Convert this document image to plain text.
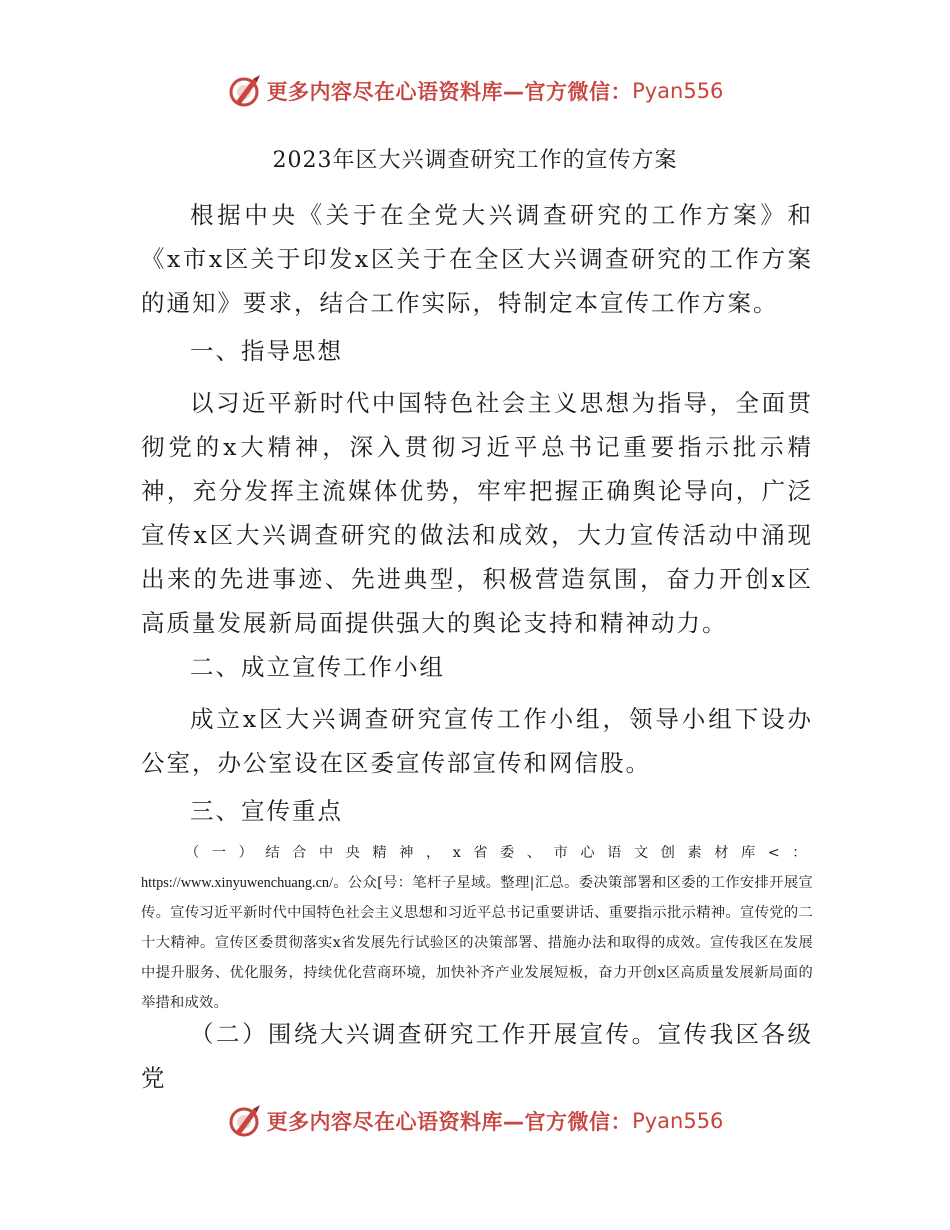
更多内容尽在心语资料库—官方微信： Pyan556
2023年区大兴调查研究工作的宣传方案
根据中央《关于在全党大兴调查研究的工作方案》和《x市x区关于印发x区关于在全区大兴调查研究的工作方案的通知》要求，结合工作实际，特制定本宣传工作方案。
一、指导思想
以习近平新时代中国特色社会主义思想为指导，全面贯彻党的x大精神，深入贯彻习近平总书记重要指示批示精神，充分发挥主流媒体优势，牢牢把握正确舆论导向，广泛宣传x区大兴调查研究的做法和成效，大力宣传活动中涌现出来的先进事迹、先进典型，积极营造氛围，奋力开创x区高质量发展新局面提供强大的舆论支持和精神动力。
二、成立宣传工作小组
成立x区大兴调查研究宣传工作小组，领导小组下设办公室，办公室设在区委宣传部宣传和网信股。
三、宣传重点
（一）结合中央精神，x省委、市心语文创素材库<：https://www.xinyuwenchuang.cn/。公众[号：笔杆子星域。整理|汇总。委决策部署和区委的工作安排开展宣传。宣传习近平新时代中国特色社会主义思想和习近平总书记重要讲话、重要指示批示精神。宣传党的二十大精神。宣传区委贯彻落实x省发展先行试验区的决策部署、措施办法和取得的成效。宣传我区在发展中提升服务、优化服务，持续优化营商环境，加快补齐产业发展短板，奋力开创x区高质量发展新局面的举措和成效。
（二）围绕大兴调查研究工作开展宣传。宣传我区各级党
更多内容尽在心语资料库—官方微信： Pyan556
